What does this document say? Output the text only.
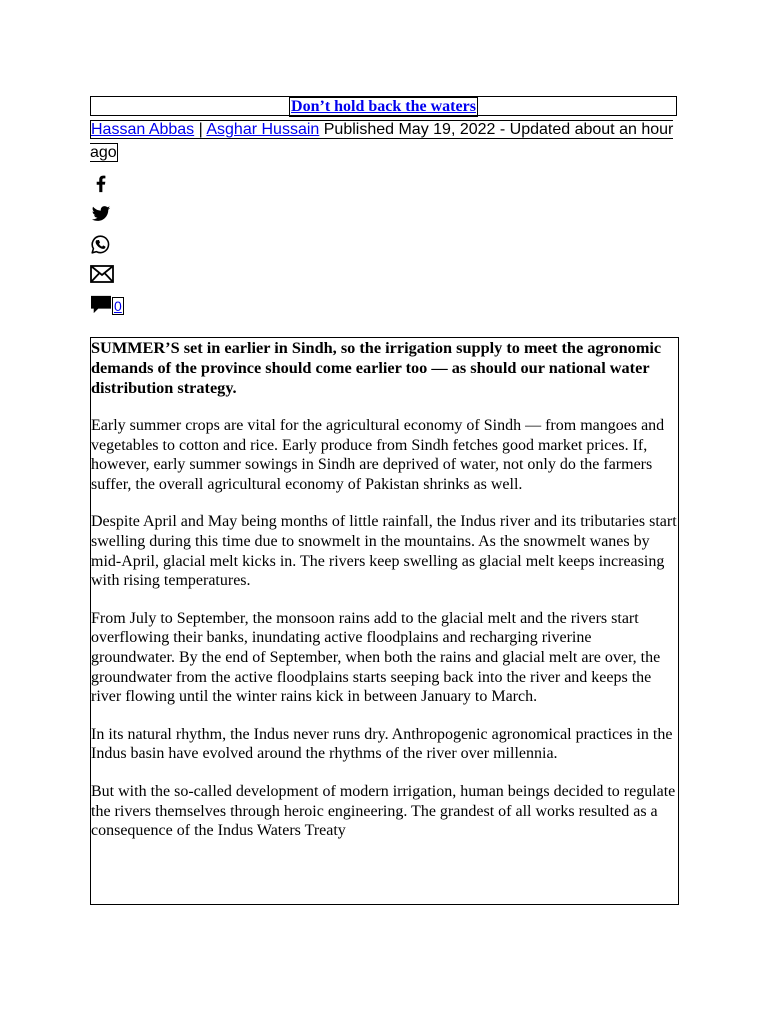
Don’t hold back the waters
Hassan Abbas | Asghar Hussain Published May 19, 2022 - Updated about an hour ago
0

SUMMER’S set in earlier in Sindh, so the irrigation supply to meet the agronomic demands of the province should come earlier too — as should our national water distribution strategy.

Early summer crops are vital for the agricultural economy of Sindh — from mangoes and vegetables to cotton and rice. Early produce from Sindh fetches good market prices. If, however, early summer sowings in Sindh are deprived of water, not only do the farmers suffer, the overall agricultural economy of Pakistan shrinks as well.

Despite April and May being months of little rainfall, the Indus river and its tributaries start swelling during this time due to snowmelt in the mountains. As the snowmelt wanes by mid-April, glacial melt kicks in. The rivers keep swelling as glacial melt keeps increasing with rising temperatures.

From July to September, the monsoon rains add to the glacial melt and the rivers start overflowing their banks, inundating active floodplains and recharging riverine groundwater. By the end of September, when both the rains and glacial melt are over, the groundwater from the active floodplains starts seeping back into the river and keeps the river flowing until the winter rains kick in between January to March.

In its natural rhythm, the Indus never runs dry. Anthropogenic agronomical practices in the Indus basin have evolved around the rhythms of the river over millennia.

But with the so-called development of modern irrigation, human beings decided to regulate the rivers themselves through heroic engineering. The grandest of all works resulted as a consequence of the Indus Waters Treaty
